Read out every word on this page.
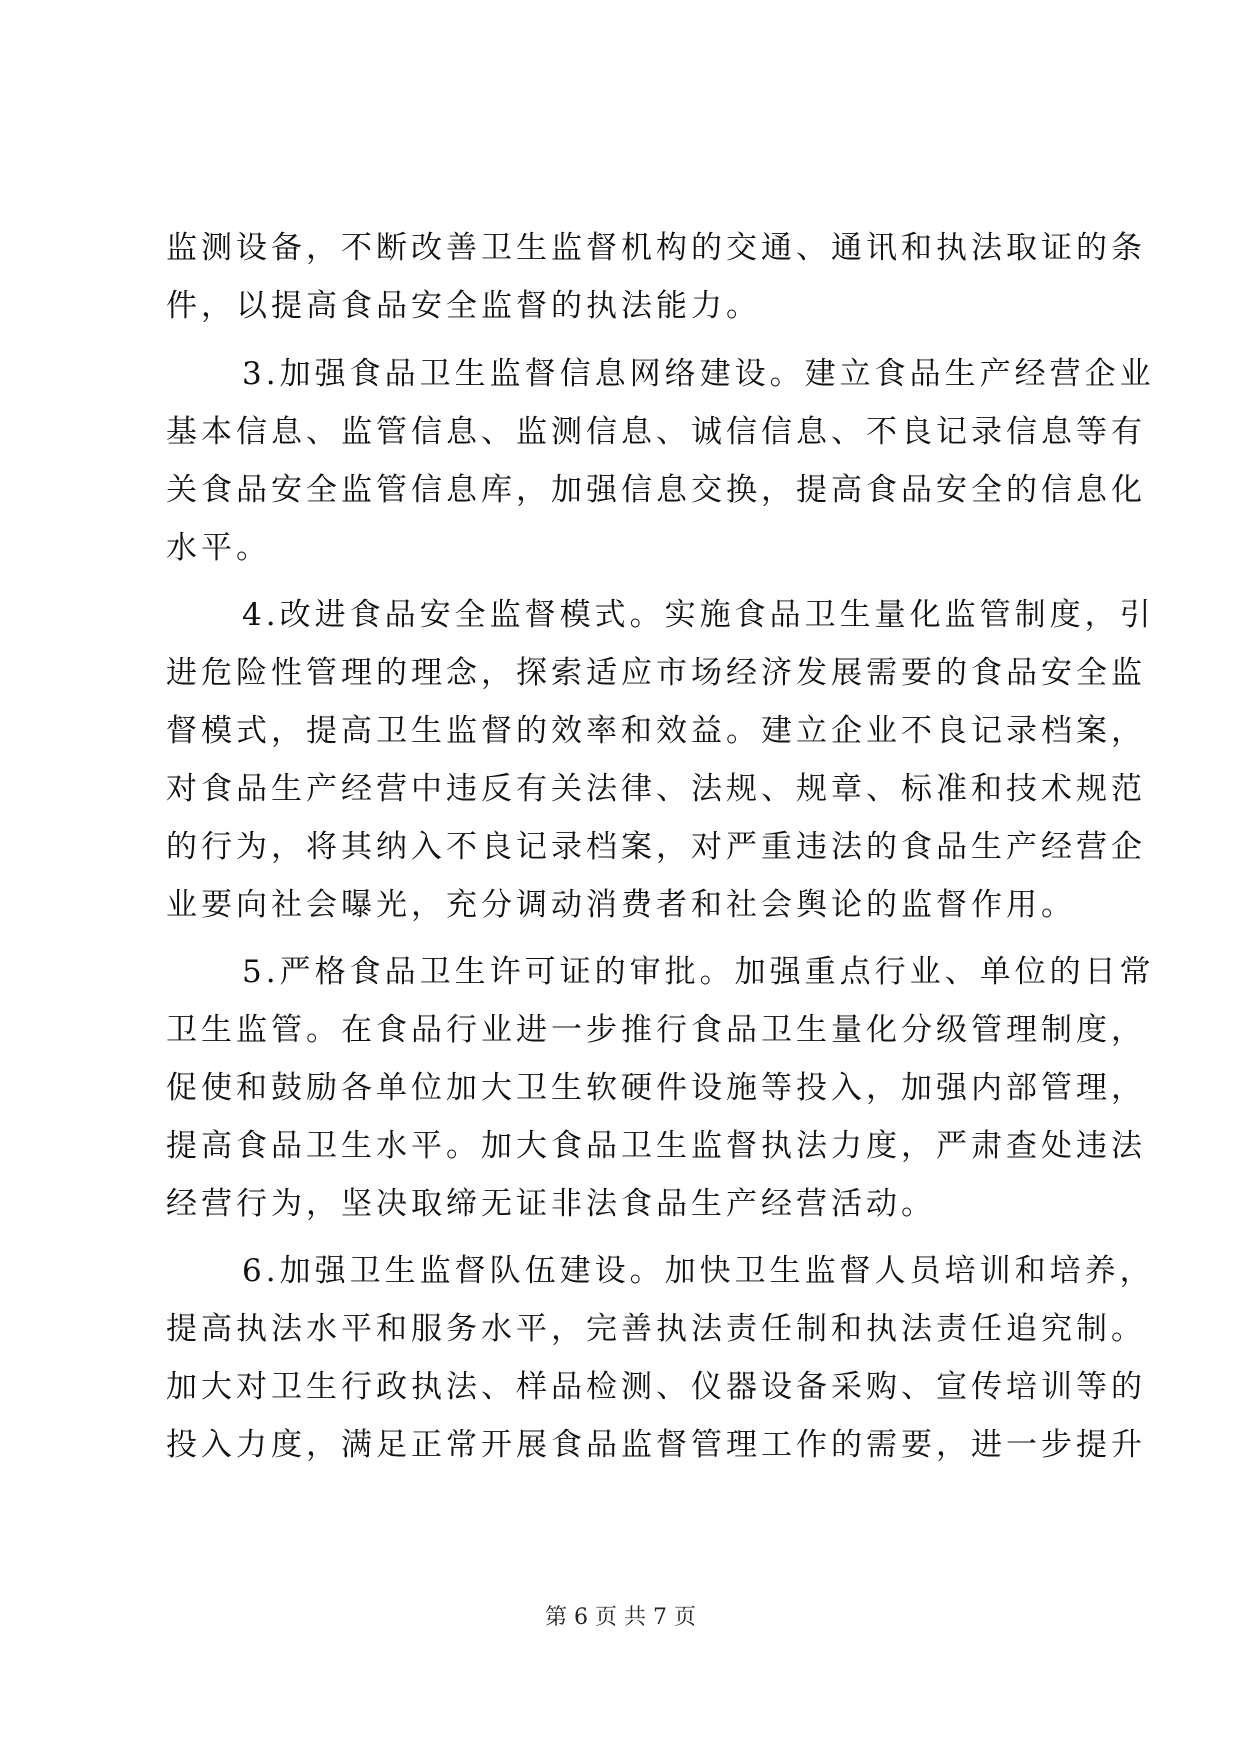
监测设备，不断改善卫生监督机构的交通、通讯和执法取证的条
件，以提高食品安全监督的执法能力。
3.加强食品卫生监督信息网络建设。建立食品生产经营企业
基本信息、监管信息、监测信息、诚信信息、不良记录信息等有
关食品安全监管信息库，加强信息交换，提高食品安全的信息化
水平。
4.改进食品安全监督模式。实施食品卫生量化监管制度，引
进危险性管理的理念，探索适应市场经济发展需要的食品安全监
督模式，提高卫生监督的效率和效益。建立企业不良记录档案，
对食品生产经营中违反有关法律、法规、规章、标准和技术规范
的行为，将其纳入不良记录档案，对严重违法的食品生产经营企
业要向社会曝光，充分调动消费者和社会舆论的监督作用。
5.严格食品卫生许可证的审批。加强重点行业、单位的日常
卫生监管。在食品行业进一步推行食品卫生量化分级管理制度，
促使和鼓励各单位加大卫生软硬件设施等投入，加强内部管理，
提高食品卫生水平。加大食品卫生监督执法力度，严肃查处违法
经营行为，坚决取缔无证非法食品生产经营活动。
6.加强卫生监督队伍建设。加快卫生监督人员培训和培养，
提高执法水平和服务水平，完善执法责任制和执法责任追究制。
加大对卫生行政执法、样品检测、仪器设备采购、宣传培训等的
投入力度，满足正常开展食品监督管理工作的需要，进一步提升
第 6 页 共 7 页
